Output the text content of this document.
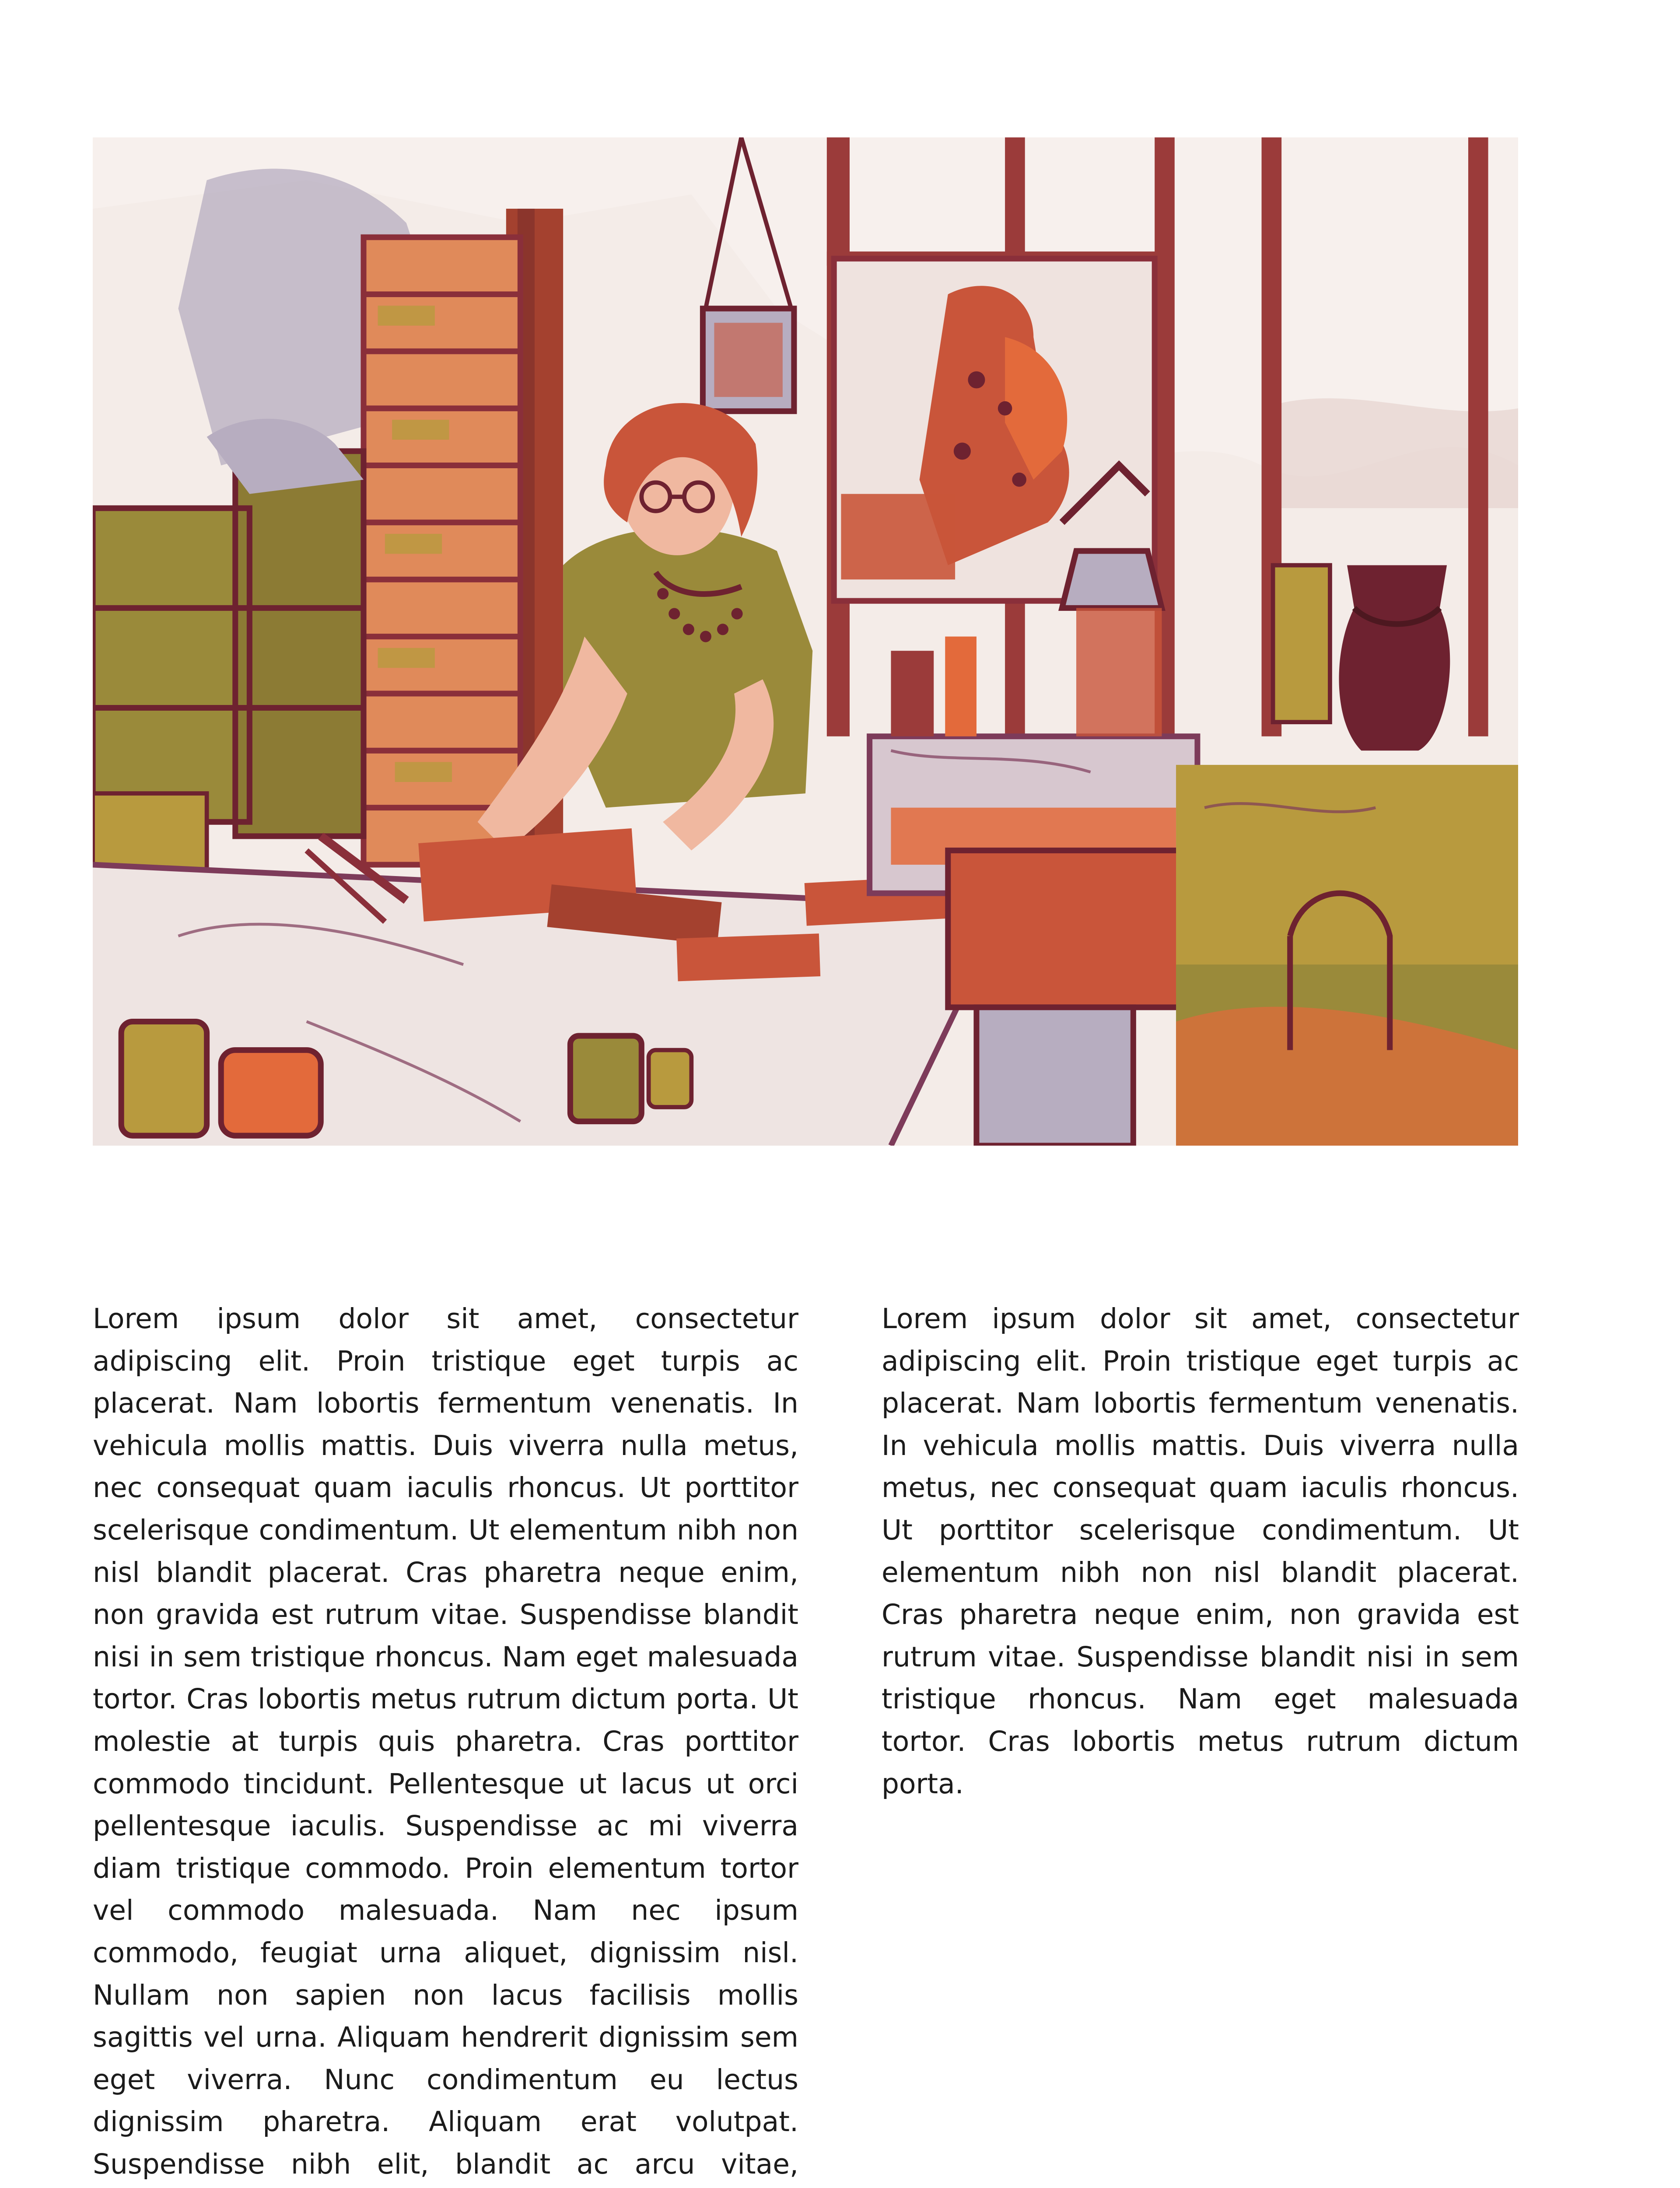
Lorem ipsum dolor sit amet, consectetur adipiscing elit. Proin tristique eget turpis ac placerat. Nam lobortis fermentum venenatis. In vehicula mollis mattis. Duis viverra nulla metus, nec consequat quam iaculis rhoncus. Ut porttitor scelerisque condimentum. Ut elementum nibh non nisl blandit placerat. Cras pharetra neque enim, non gravida est rutrum vitae. Suspendisse blandit nisi in sem tristique rhoncus. Nam eget malesuada tortor. Cras lobortis metus rutrum dictum porta. Ut molestie at turpis quis pharetra. Cras porttitor commodo tincidunt. Pellentesque ut lacus ut orci pellentesque iaculis. Suspendisse ac mi viverra diam tristique commodo. Proin elementum tortor vel commodo malesuada. Nam nec ipsum commodo, feugiat urna aliquet, dignissim nisl. Nullam non sapien non lacus facilisis mollis sagittis vel urna. Aliquam hendrerit dignissim sem eget viverra. Nunc condimentum eu lectus dignissim pharetra. Aliquam erat volutpat. Suspendisse nibh elit, blandit ac arcu vitae,
Lorem ipsum dolor sit amet, consectetur adipiscing elit. Proin tristique eget turpis ac placerat. Nam lobortis fermentum venenatis. In vehicula mollis mattis. Duis viverra nulla metus, nec consequat quam iaculis rhoncus. Ut porttitor scelerisque condimentum. Ut elementum nibh non nisl blandit placerat. Cras pharetra neque enim, non gravida est rutrum vitae. Suspendisse blandit nisi in sem tristique rhoncus. Nam eget malesuada tortor. Cras lobortis metus rutrum dictum porta.
